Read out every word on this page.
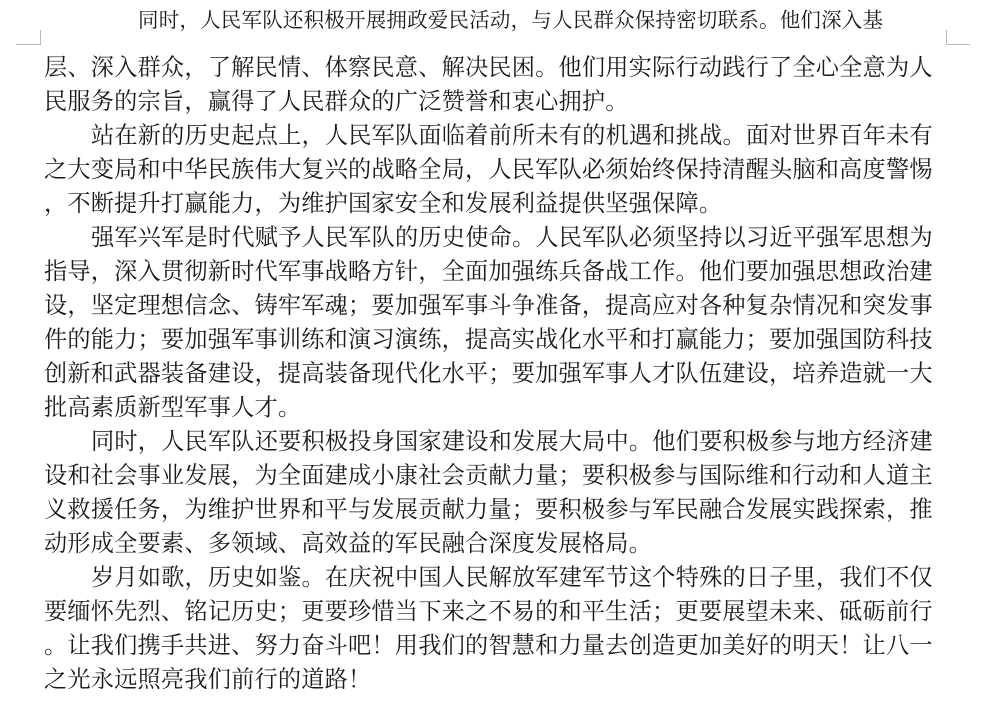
同时，人民军队还积极开展拥政爱民活动，与人民群众保持密切联系。他们深入基
层、深入群众，了解民情、体察民意、解决民困。他们用实际行动践行了全心全意为人
民服务的宗旨，赢得了人民群众的广泛赞誉和衷心拥护。
站在新的历史起点上，人民军队面临着前所未有的机遇和挑战。面对世界百年未有
之大变局和中华民族伟大复兴的战略全局，人民军队必须始终保持清醒头脑和高度警惕
，不断提升打赢能力，为维护国家安全和发展利益提供坚强保障。
强军兴军是时代赋予人民军队的历史使命。人民军队必须坚持以习近平强军思想为
指导，深入贯彻新时代军事战略方针，全面加强练兵备战工作。他们要加强思想政治建
设，坚定理想信念、铸牢军魂；要加强军事斗争准备，提高应对各种复杂情况和突发事
件的能力；要加强军事训练和演习演练，提高实战化水平和打赢能力；要加强国防科技
创新和武器装备建设，提高装备现代化水平；要加强军事人才队伍建设，培养造就一大
批高素质新型军事人才。
同时，人民军队还要积极投身国家建设和发展大局中。他们要积极参与地方经济建
设和社会事业发展，为全面建成小康社会贡献力量；要积极参与国际维和行动和人道主
义救援任务，为维护世界和平与发展贡献力量；要积极参与军民融合发展实践探索，推
动形成全要素、多领域、高效益的军民融合深度发展格局。
岁月如歌，历史如鉴。在庆祝中国人民解放军建军节这个特殊的日子里，我们不仅
要缅怀先烈、铭记历史；更要珍惜当下来之不易的和平生活；更要展望未来、砥砺前行
。让我们携手共进、努力奋斗吧！用我们的智慧和力量去创造更加美好的明天！让八一
之光永远照亮我们前行的道路！
